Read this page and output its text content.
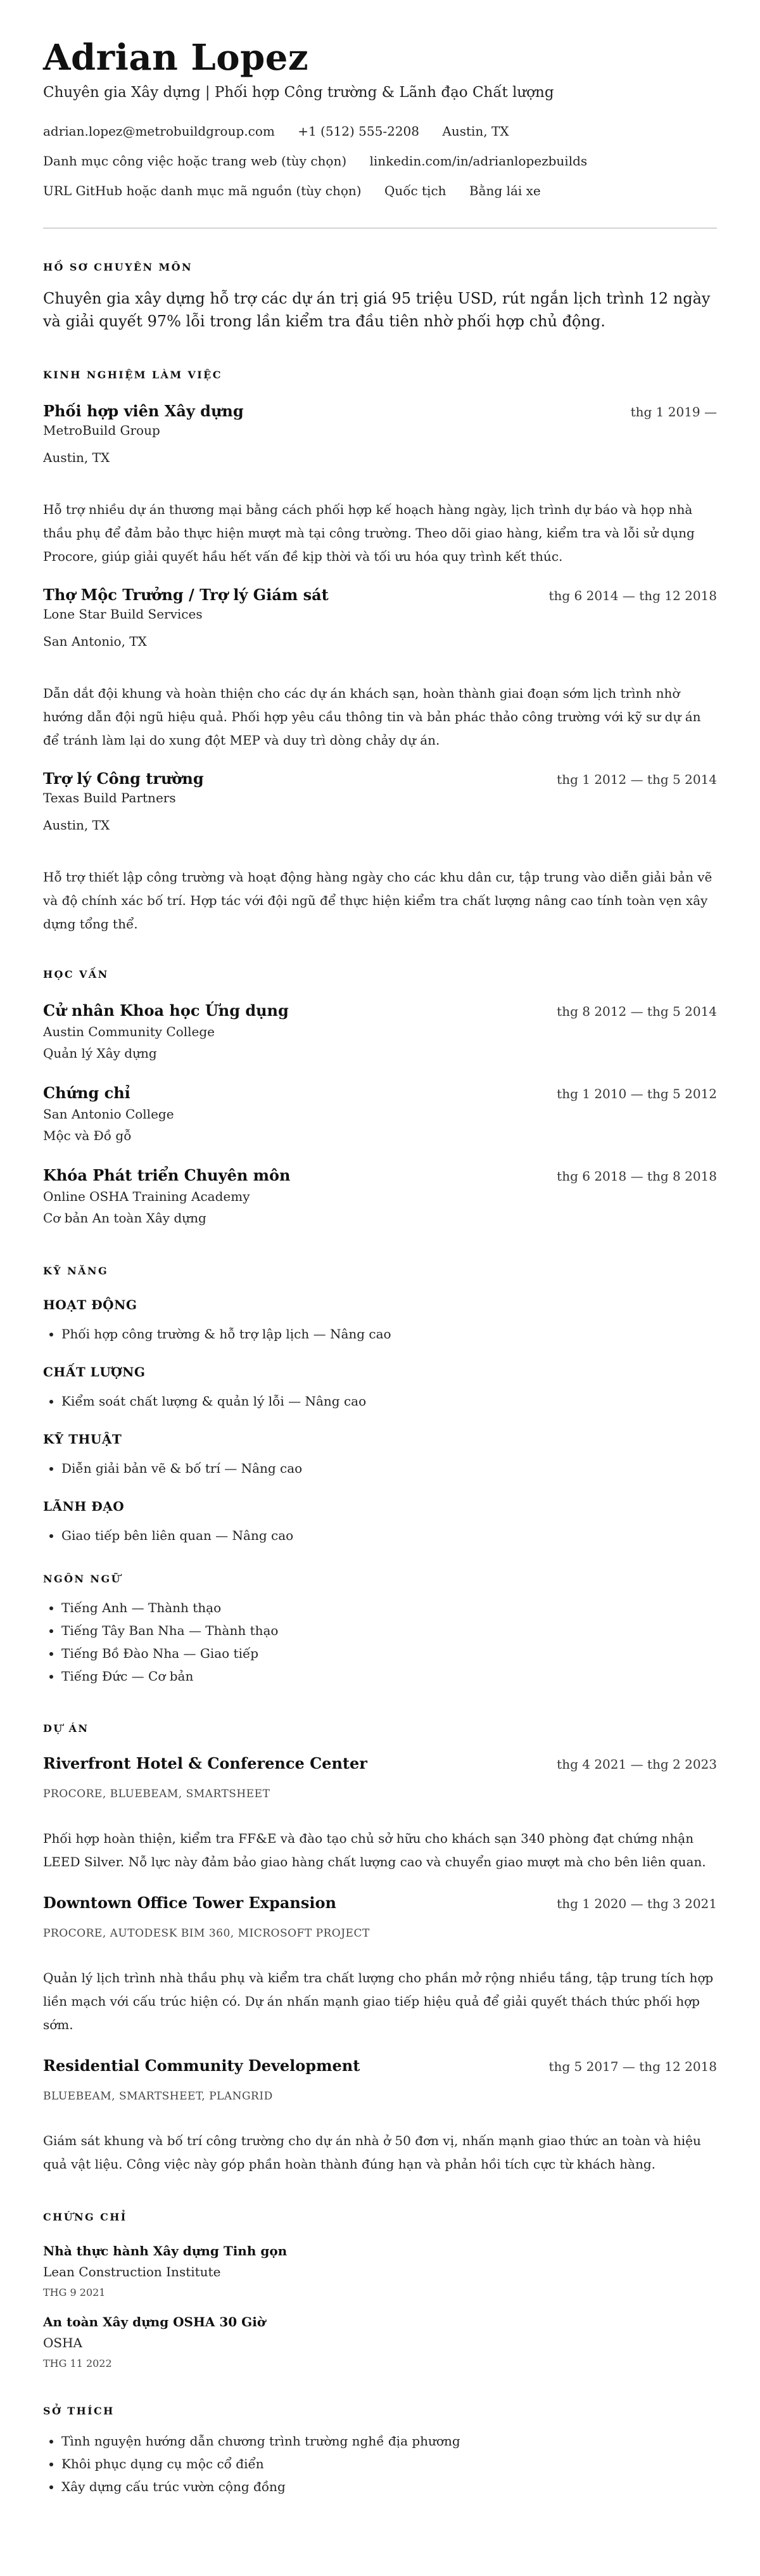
Adrian Lopez

Chuyên gia Xây dựng | Phối hợp Công trường & Lãnh đạo Chất lượng

adrian.lopez@metrobuildgroup.com +1 (512) 555-2208 Austin, TX

Danh mục công việc hoặc trang web (tùy chọn) linkedin.com/in/adrianlopezbuilds

URL GitHub hoặc danh mục mã nguồn (tùy chọn) Quốc tịch Bằng lái xe

HỒ SƠ CHUYÊN MÔN

Chuyên gia xây dựng hỗ trợ các dự án trị giá 95 triệu USD, rút ngắn lịch trình 12 ngày và giải quyết 97% lỗi trong lần kiểm tra đầu tiên nhờ phối hợp chủ động.

KINH NGHIỆM LÀM VIỆC
Phối hợp viên Xây dựng	thg 1 2019 —

MetroBuild Group

Austin, TX

Hỗ trợ nhiều dự án thương mại bằng cách phối hợp kế hoạch hàng ngày, lịch trình dự báo và họp nhà thầu phụ để đảm bảo thực hiện mượt mà tại công trường. Theo dõi giao hàng, kiểm tra và lỗi sử dụng Procore, giúp giải quyết hầu hết vấn đề kịp thời và tối ưu hóa quy trình kết thúc.

Thợ Mộc Trưởng / Trợ lý Giám sát	thg 6 2014 — thg 12 2018

Lone Star Build Services

San Antonio, TX

Dẫn dắt đội khung và hoàn thiện cho các dự án khách sạn, hoàn thành giai đoạn sớm lịch trình nhờ hướng dẫn đội ngũ hiệu quả. Phối hợp yêu cầu thông tin và bản phác thảo công trường với kỹ sư dự án để tránh làm lại do xung đột MEP và duy trì dòng chảy dự án.

Trợ lý Công trường	thg 1 2012 — thg 5 2014

Texas Build Partners

Austin, TX

Hỗ trợ thiết lập công trường và hoạt động hàng ngày cho các khu dân cư, tập trung vào diễn giải bản vẽ và độ chính xác bố trí. Hợp tác với đội ngũ để thực hiện kiểm tra chất lượng nâng cao tính toàn vẹn xây dựng tổng thể.

HỌC VẤN
Cử nhân Khoa học Ứng dụng	thg 8 2012 — thg 5 2014

Austin Community College

Quản lý Xây dựng

Chứng chỉ	thg 1 2010 — thg 5 2012

San Antonio College

Mộc và Đồ gỗ

Khóa Phát triển Chuyên môn	thg 6 2018 — thg 8 2018

Online OSHA Training Academy

Cơ bản An toàn Xây dựng

KỸ NĂNG
HOẠT ĐỘNG
• Phối hợp công trường & hỗ trợ lập lịch — Nâng cao
CHẤT LƯỢNG
• Kiểm soát chất lượng & quản lý lỗi — Nâng cao
KỸ THUẬT
• Diễn giải bản vẽ & bố trí — Nâng cao
LÃNH ĐẠO
• Giao tiếp bên liên quan — Nâng cao
NGÔN NGỮ
• Tiếng Anh — Thành thạo
• Tiếng Tây Ban Nha — Thành thạo
• Tiếng Bồ Đào Nha — Giao tiếp
• Tiếng Đức — Cơ bản
DỰ ÁN
Riverfront Hotel & Conference Center	thg 4 2021 — thg 2 2023

PROCORE, BLUEBEAM, SMARTSHEET

Phối hợp hoàn thiện, kiểm tra FF&E và đào tạo chủ sở hữu cho khách sạn 340 phòng đạt chứng nhận LEED Silver. Nỗ lực này đảm bảo giao hàng chất lượng cao và chuyển giao mượt mà cho bên liên quan.

Downtown Office Tower Expansion	thg 1 2020 — thg 3 2021

PROCORE, AUTODESK BIM 360, MICROSOFT PROJECT

Quản lý lịch trình nhà thầu phụ và kiểm tra chất lượng cho phần mở rộng nhiều tầng, tập trung tích hợp liền mạch với cấu trúc hiện có. Dự án nhấn mạnh giao tiếp hiệu quả để giải quyết thách thức phối hợp sớm.

Residential Community Development	thg 5 2017 — thg 12 2018

BLUEBEAM, SMARTSHEET, PLANGRID

Giám sát khung và bố trí công trường cho dự án nhà ở 50 đơn vị, nhấn mạnh giao thức an toàn và hiệu quả vật liệu. Công việc này góp phần hoàn thành đúng hạn và phản hồi tích cực từ khách hàng.

CHỨNG CHỈ
Nhà thực hành Xây dựng Tinh gọn
Lean Construction Institute
THG 9 2021
An toàn Xây dựng OSHA 30 Giờ
OSHA
THG 11 2022
SỞ THÍCH
• Tình nguyện hướng dẫn chương trình trường nghề địa phương
• Khôi phục dụng cụ mộc cổ điển
• Xây dựng cấu trúc vườn cộng đồng
